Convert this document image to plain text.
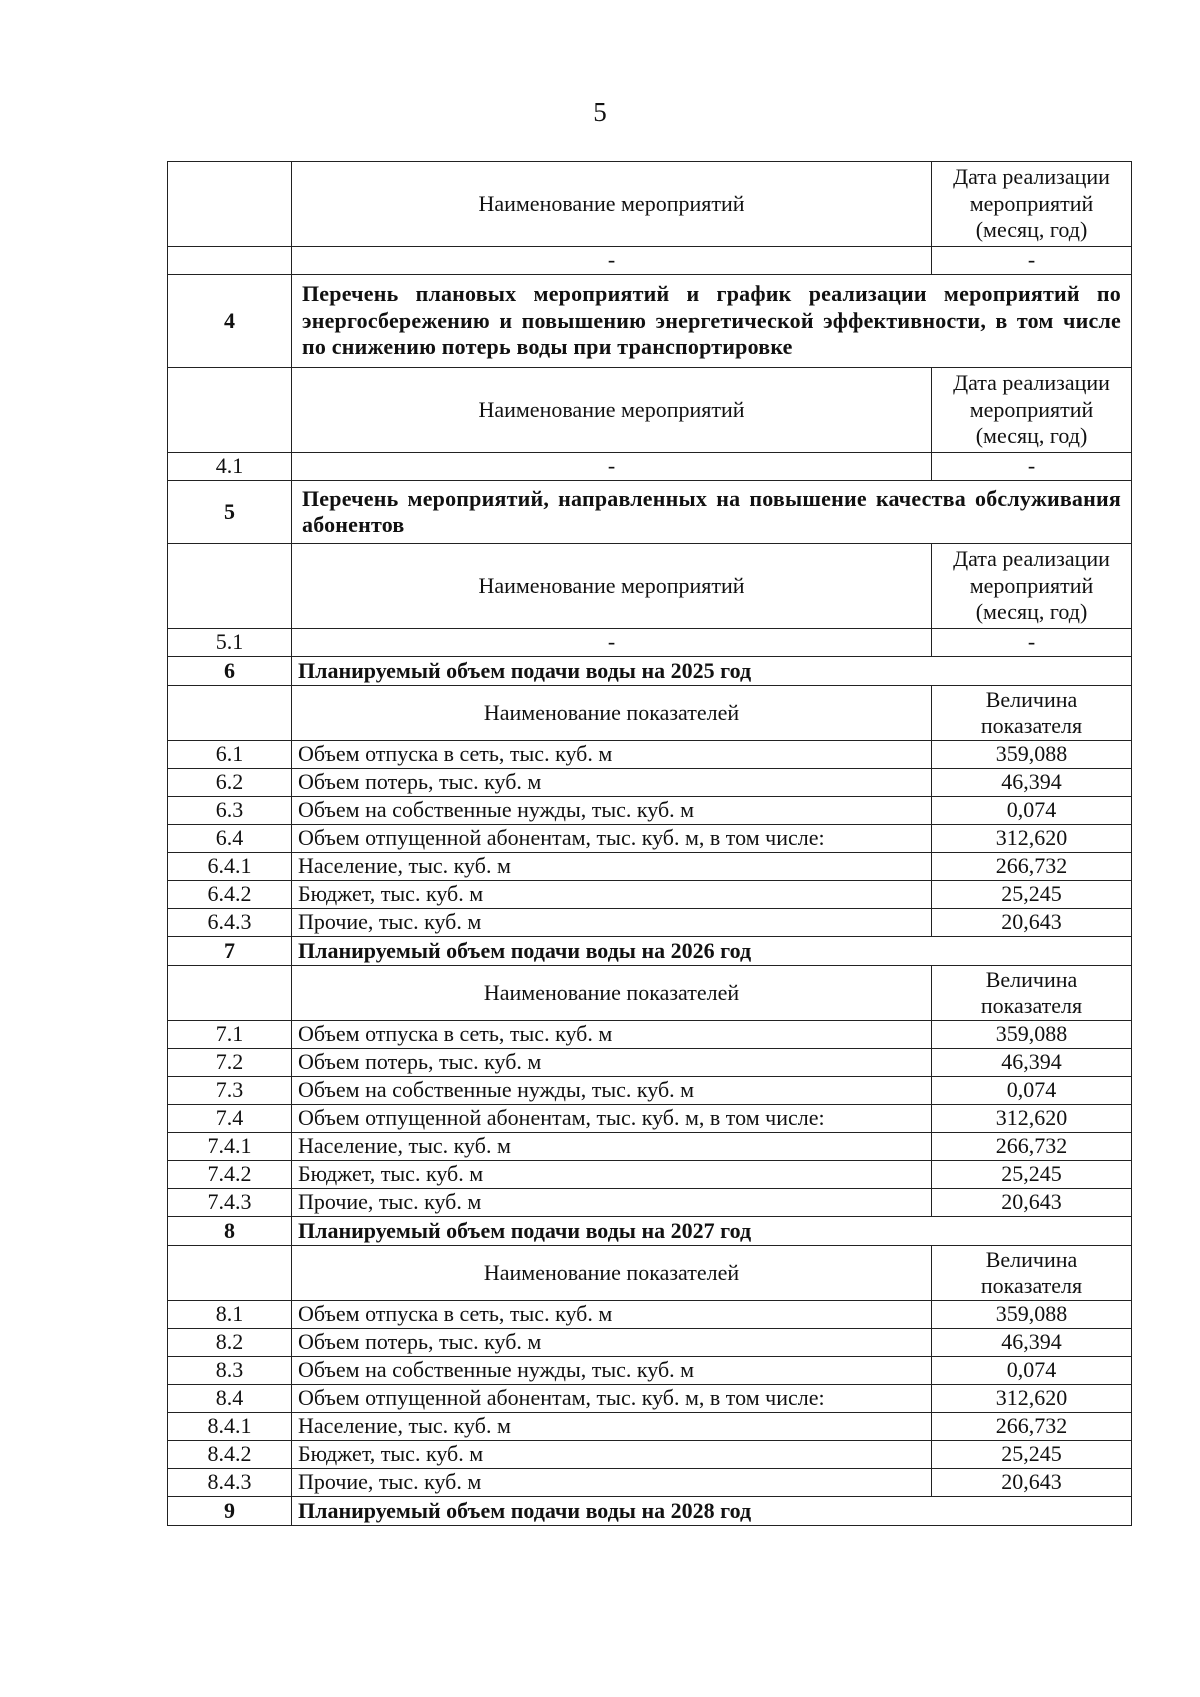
5
	Наименование мероприятий	Дата реализации мероприятий (месяц, год)
	-	-
4	Перечень плановых мероприятий и график реализации мероприятий по энергосбережению и повышению энергетической эффективности, в том числе по снижению потерь воды при транспортировке	
	Наименование мероприятий	Дата реализации мероприятий (месяц, год)
4.1	-	-
5	Перечень мероприятий, направленных на повышение качества обслуживания абонентов	
	Наименование мероприятий	Дата реализации мероприятий (месяц, год)
5.1	-	-
6	Планируемый объем подачи воды на 2025 год	
	Наименование показателей	Величина показателя
6.1	Объем отпуска в сеть, тыс. куб. м	359,088
6.2	Объем потерь, тыс. куб. м	46,394
6.3	Объем на собственные нужды, тыс. куб. м	0,074
6.4	Объем отпущенной абонентам, тыс. куб. м, в том числе:	312,620
6.4.1	Население, тыс. куб. м	266,732
6.4.2	Бюджет, тыс. куб. м	25,245
6.4.3	Прочие, тыс. куб. м	20,643
7	Планируемый объем подачи воды на 2026 год	
	Наименование показателей	Величина показателя
7.1	Объем отпуска в сеть, тыс. куб. м	359,088
7.2	Объем потерь, тыс. куб. м	46,394
7.3	Объем на собственные нужды, тыс. куб. м	0,074
7.4	Объем отпущенной абонентам, тыс. куб. м, в том числе:	312,620
7.4.1	Население, тыс. куб. м	266,732
7.4.2	Бюджет, тыс. куб. м	25,245
7.4.3	Прочие, тыс. куб. м	20,643
8	Планируемый объем подачи воды на 2027 год	
	Наименование показателей	Величина показателя
8.1	Объем отпуска в сеть, тыс. куб. м	359,088
8.2	Объем потерь, тыс. куб. м	46,394
8.3	Объем на собственные нужды, тыс. куб. м	0,074
8.4	Объем отпущенной абонентам, тыс. куб. м, в том числе:	312,620
8.4.1	Население, тыс. куб. м	266,732
8.4.2	Бюджет, тыс. куб. м	25,245
8.4.3	Прочие, тыс. куб. м	20,643
9	Планируемый объем подачи воды на 2028 год	
